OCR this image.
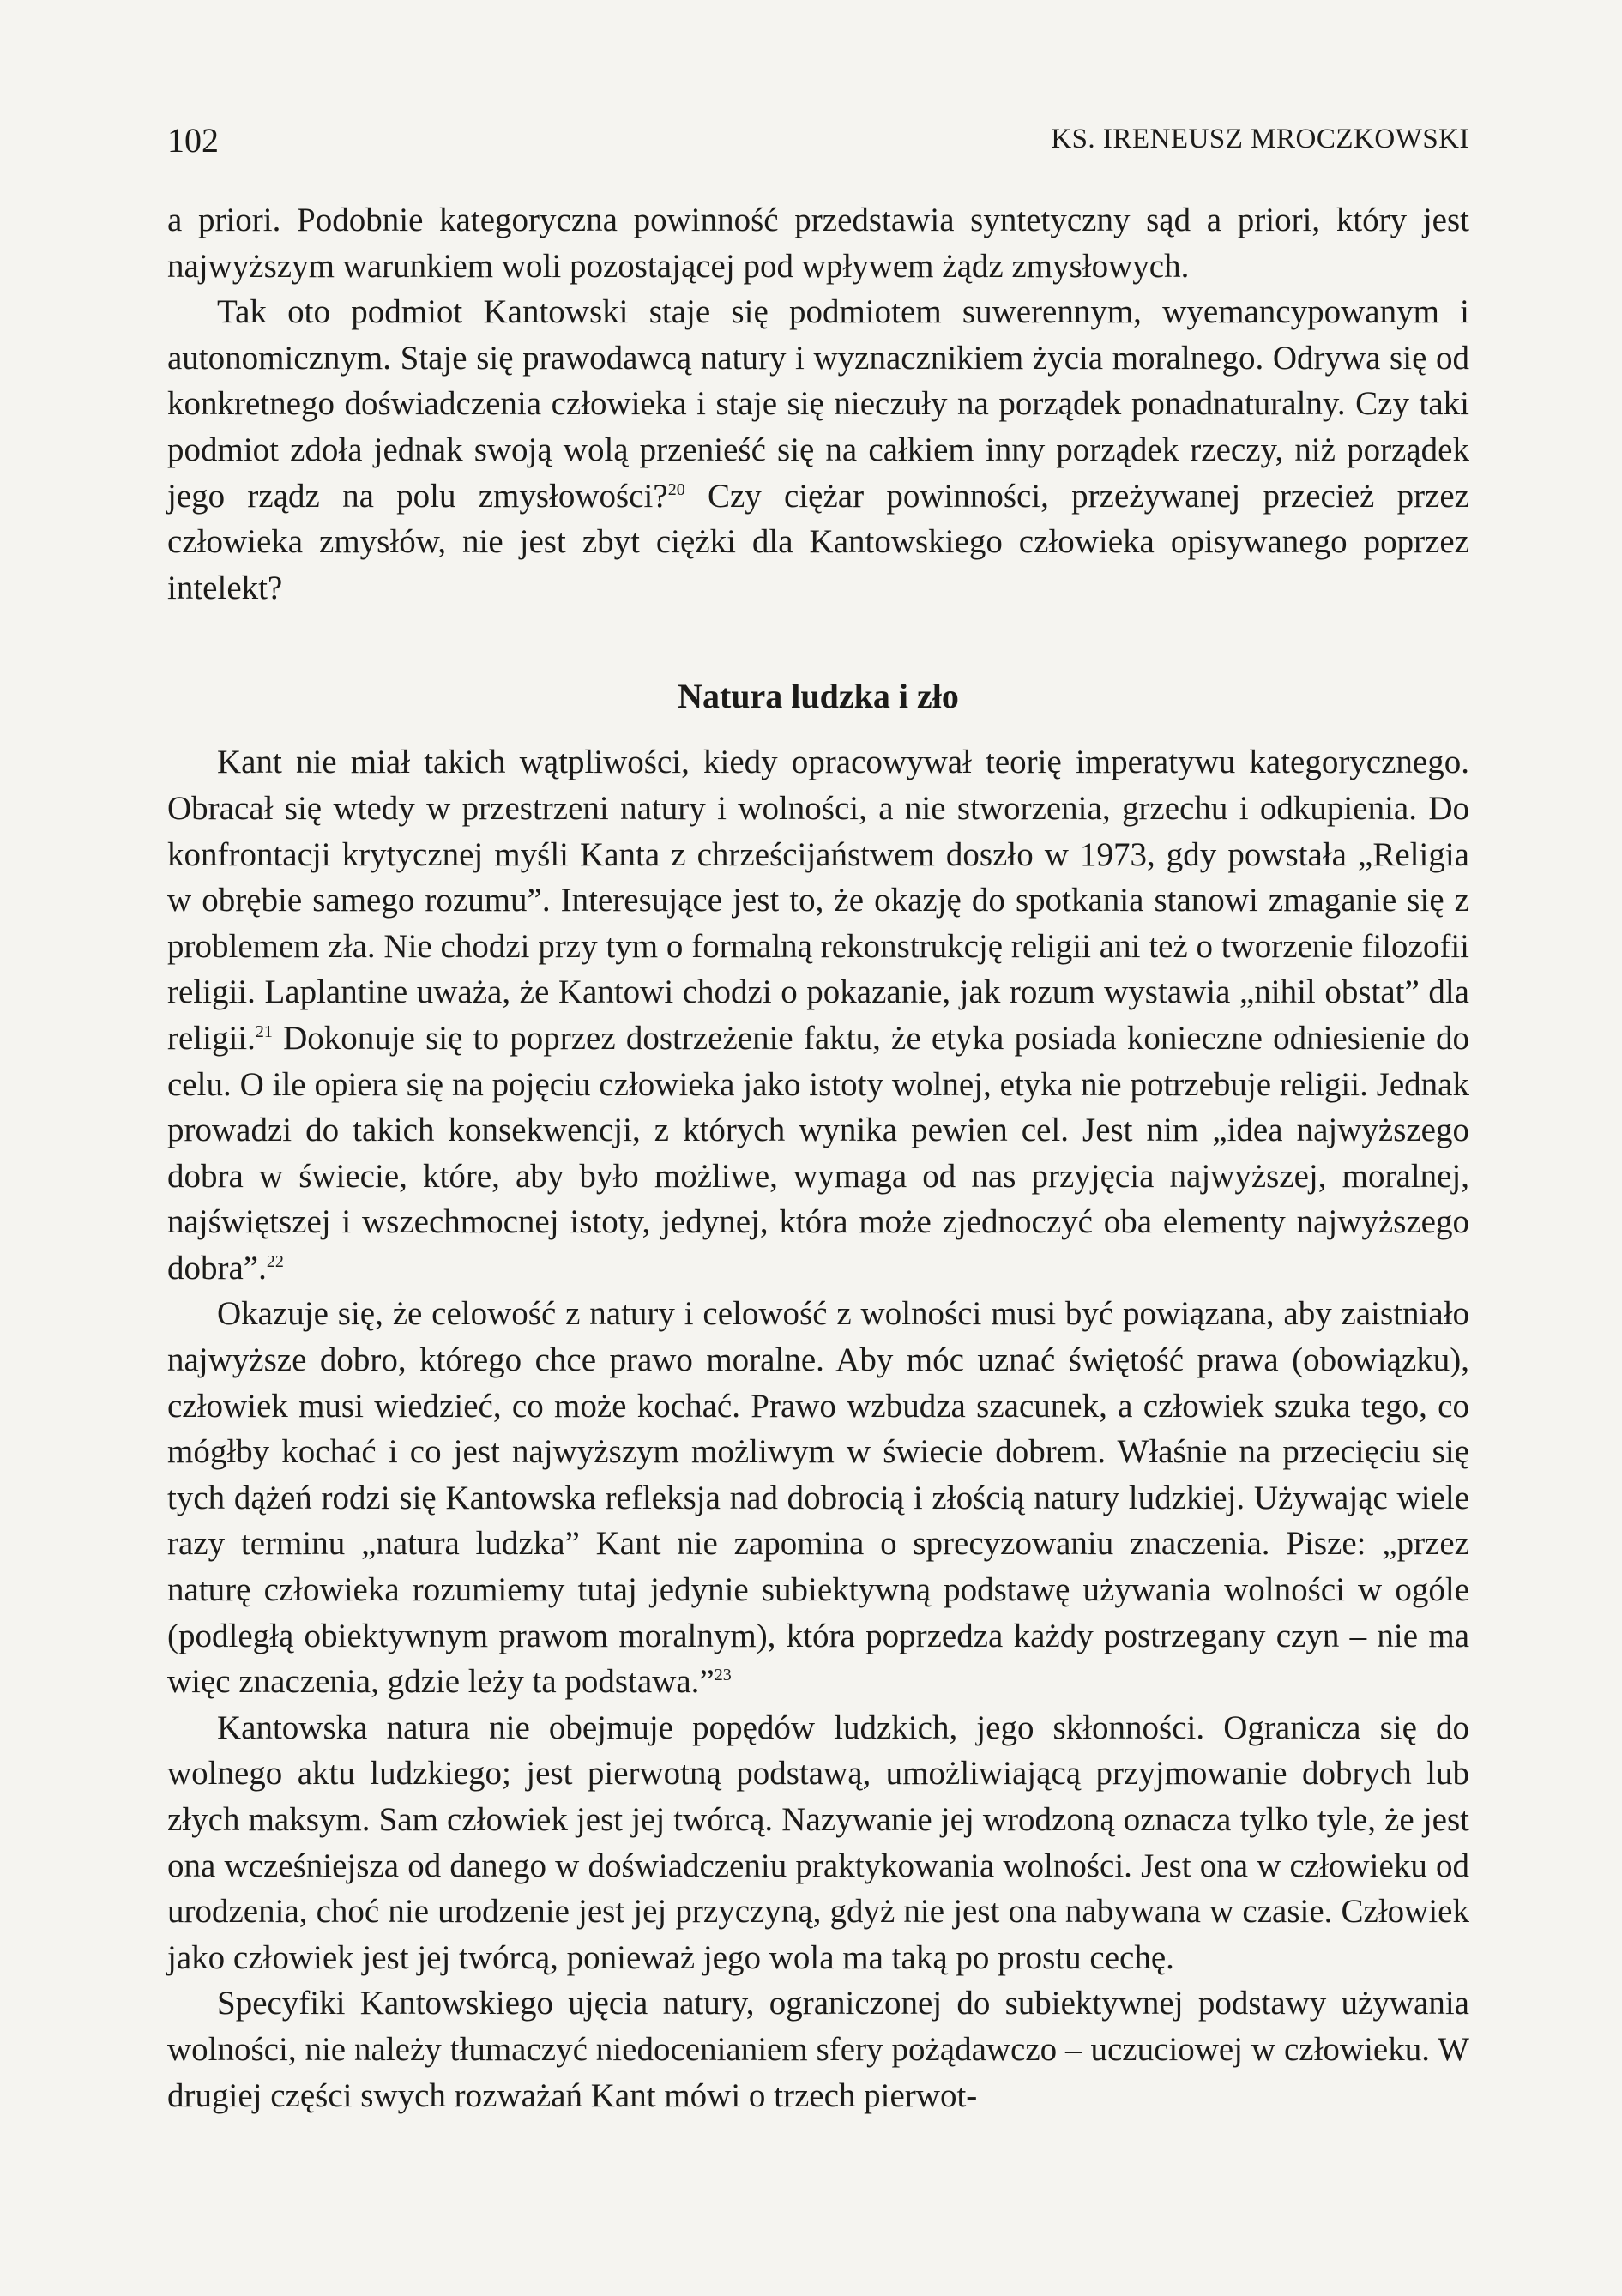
102	KS. IRENEUSZ MROCZKOWSKI

a priori. Podobnie kategoryczna powinność przedstawia syntetyczny sąd a priori, który jest najwyższym warunkiem woli pozostającej pod wpływem żądz zmysłowych.

Tak oto podmiot Kantowski staje się podmiotem suwerennym, wyemancypowanym i autonomicznym. Staje się prawodawcą natury i wyznacznikiem życia moralnego. Odrywa się od konkretnego doświadczenia człowieka i staje się nieczuły na porządek ponadnaturalny. Czy taki podmiot zdoła jednak swoją wolą przenieść się na całkiem inny porządek rzeczy, niż porządek jego rządz na polu zmysłowości?$^{20}$ Czy ciężar powinności, przeżywanej przecież przez człowieka zmysłów, nie jest zbyt ciężki dla Kantowskiego człowieka opisywanego poprzez intelekt?

Natura ludzka i zło

Kant nie miał takich wątpliwości, kiedy opracowywał teorię imperatywu kategorycznego. Obracał się wtedy w przestrzeni natury i wolności, a nie stworzenia, grzechu i odkupienia. Do konfrontacji krytycznej myśli Kanta z chrześcijaństwem doszło w 1973, gdy powstała „Religia w obrębie samego rozumu”. Interesujące jest to, że okazję do spotkania stanowi zmaganie się z problemem zła. Nie chodzi przy tym o formalną rekonstrukcję religii ani też o tworzenie filozofii religii. Laplantine uważa, że Kantowi chodzi o pokazanie, jak rozum wystawia „nihil obstat” dla religii.$^{21}$ Dokonuje się to poprzez dostrzeżenie faktu, że etyka posiada konieczne odniesienie do celu. O ile opiera się na pojęciu człowieka jako istoty wolnej, etyka nie potrzebuje religii. Jednak prowadzi do takich konsekwencji, z których wynika pewien cel. Jest nim „idea najwyższego dobra w świecie, które, aby było możliwe, wymaga od nas przyjęcia najwyższej, moralnej, najświętszej i wszechmocnej istoty, jedynej, która może zjednoczyć oba elementy najwyższego dobra”.$^{22}$

Okazuje się, że celowość z natury i celowość z wolności musi być powiązana, aby zaistniało najwyższe dobro, którego chce prawo moralne. Aby móc uznać świętość prawa (obowiązku), człowiek musi wiedzieć, co może kochać. Prawo wzbudza szacunek, a człowiek szuka tego, co mógłby kochać i co jest najwyższym możliwym w świecie dobrem. Właśnie na przecięciu się tych dążeń rodzi się Kantowska refleksja nad dobrocią i złością natury ludzkiej. Używając wiele razy terminu „natura ludzka” Kant nie zapomina o sprecyzowaniu znaczenia. Pisze: „przez naturę człowieka rozumiemy tutaj jedynie subiektywną podstawę używania wolności w ogóle (podległą obiektywnym prawom moralnym), która poprzedza każdy postrzegany czyn – nie ma więc znaczenia, gdzie leży ta podstawa.”$^{23}$

Kantowska natura nie obejmuje popędów ludzkich, jego skłonności. Ogranicza się do wolnego aktu ludzkiego; jest pierwotną podstawą, umożliwiającą przyjmowanie dobrych lub złych maksym. Sam człowiek jest jej twórcą. Nazywanie jej wrodzoną oznacza tylko tyle, że jest ona wcześniejsza od danego w doświadczeniu praktykowania wolności. Jest ona w człowieku od urodzenia, choć nie urodzenie jest jej przyczyną, gdyż nie jest ona nabywana w czasie. Człowiek jako człowiek jest jej twórcą, ponieważ jego wola ma taką po prostu cechę.

Specyfiki Kantowskiego ujęcia natury, ograniczonej do subiektywnej podstawy używania wolności, nie należy tłumaczyć niedocenianiem sfery pożądawczo – uczuciowej w człowieku. W drugiej części swych rozważań Kant mówi o trzech pierwot-
